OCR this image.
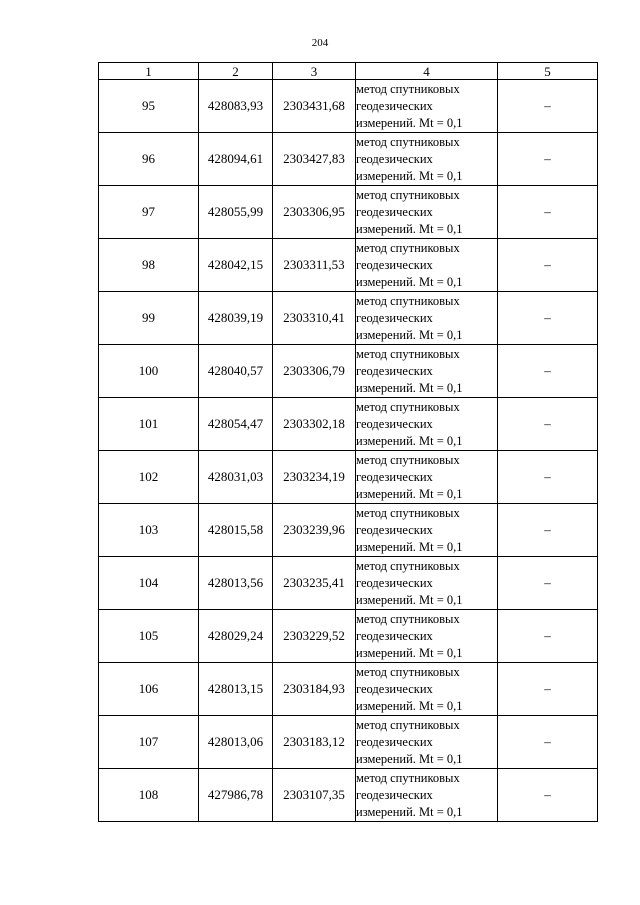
204
1	2	3	4	5
95	428083,93	2303431,68	метод спутниковых
геодезических
измерений. Mt = 0,1	–
96	428094,61	2303427,83	метод спутниковых
геодезических
измерений. Mt = 0,1	–
97	428055,99	2303306,95	метод спутниковых
геодезических
измерений. Mt = 0,1	–
98	428042,15	2303311,53	метод спутниковых
геодезических
измерений. Mt = 0,1	–
99	428039,19	2303310,41	метод спутниковых
геодезических
измерений. Mt = 0,1	–
100	428040,57	2303306,79	метод спутниковых
геодезических
измерений. Mt = 0,1	–
101	428054,47	2303302,18	метод спутниковых
геодезических
измерений. Mt = 0,1	–
102	428031,03	2303234,19	метод спутниковых
геодезических
измерений. Mt = 0,1	–
103	428015,58	2303239,96	метод спутниковых
геодезических
измерений. Mt = 0,1	–
104	428013,56	2303235,41	метод спутниковых
геодезических
измерений. Mt = 0,1	–
105	428029,24	2303229,52	метод спутниковых
геодезических
измерений. Mt = 0,1	–
106	428013,15	2303184,93	метод спутниковых
геодезических
измерений. Mt = 0,1	–
107	428013,06	2303183,12	метод спутниковых
геодезических
измерений. Mt = 0,1	–
108	427986,78	2303107,35	метод спутниковых
геодезических
измерений. Mt = 0,1	–
